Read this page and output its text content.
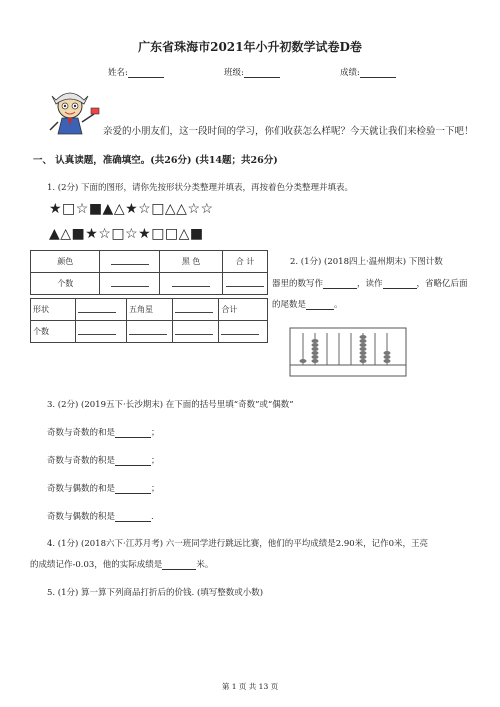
广东省珠海市2021年小升初数学试卷D卷
姓名:	班级:	成绩:
亲爱的小朋友们，这一段时间的学习，你们收获怎么样呢？今天就让我们来检验一下吧！
一、 认真读题，准确填空。(共26分) (共14题；共26分)
1. (2分) 下面的图形，请你先按形状分类整理并填表，再按着色分类整理并填表。
★□☆■▲△★☆□△△☆☆
▲△■★☆□☆★□□△■
颜色		黑 色	合 计
个数			
形状		五角星		合计
个数				
2. (1分) (2018四上·温州期末) 下图计数
器里的数写作	，读作	，省略亿后面
的尾数是	。
3. (2分) (2019五下·长沙期末) 在下面的括号里填“奇数”或“偶数”
奇数与奇数的和是	；
奇数与奇数的积是	；
奇数与偶数的和是	；
奇数与偶数的积是	.
4. (1分) (2018六下·江苏月考) 六一班同学进行跳远比赛，他们的平均成绩是2.90米，记作0米，王亮
的成绩记作-0.03，他的实际成绩是	米。
5. (1分) 算一算下列商品打折后的价钱. (填写整数或小数)
第 1 页 共 13 页
